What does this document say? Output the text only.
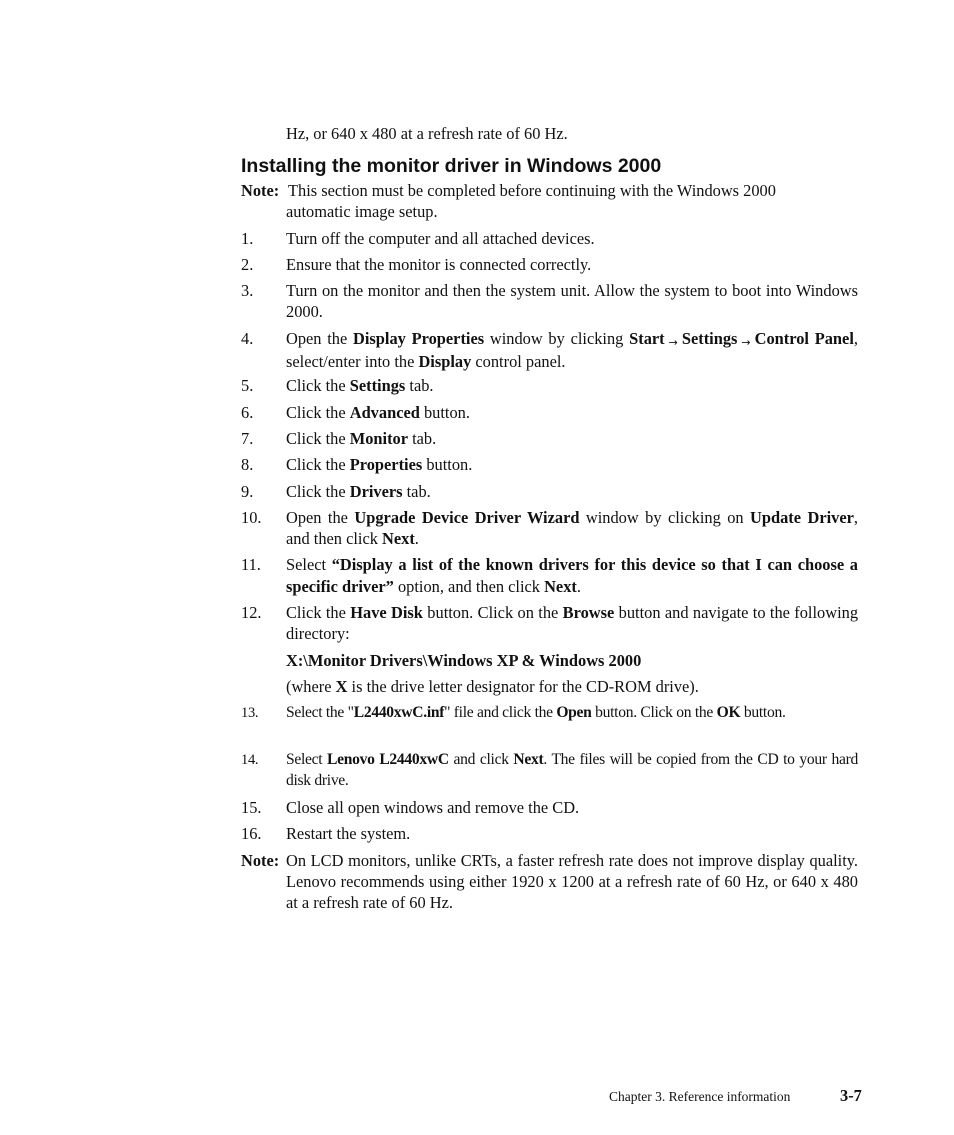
Hz, or 640 x 480 at a refresh rate of 60 Hz.

Installing the monitor driver in Windows 2000
Note: This section must be completed before continuing with the Windows 2000
automatic image setup.
1. Turn off the computer and all attached devices.

2. Ensure that the monitor is connected correctly.

3. Turn on the monitor and then the system unit. Allow the system to boot into Windows 2000.

4. Open the Display Properties window by clicking Start → Settings → Control Panel, select/enter into the Display control panel.

5. Click the Settings tab.

6. Click the Advanced button.

7. Click the Monitor tab.

8. Click the Properties button.

9. Click the Drivers tab.

10. Open the Upgrade Device Driver Wizard window by clicking on Update Driver, and then click Next.

11. Select “Display a list of the known drivers for this device so that I can choose a specific driver” option, and then click Next.

12. Click the Have Disk button. Click on the Browse button and navigate to the following directory:

X:\Monitor Drivers\Windows XP & Windows 2000

(where X is the drive letter designator for the CD-ROM drive).

13. Select the "L2440xwC.inf" file and click the Open button. Click on the OK button.

14. Select Lenovo L2440xwC and click Next. The files will be copied from the CD to your hard disk drive.

15. Close all open windows and remove the CD.

16. Restart the system.

Note: On LCD monitors, unlike CRTs, a faster refresh rate does not improve display quality. Lenovo recommends using either 1920 x 1200 at a refresh rate of 60 Hz, or 640 x 480 at a refresh rate of 60 Hz.

Chapter 3. Reference information	3-7
